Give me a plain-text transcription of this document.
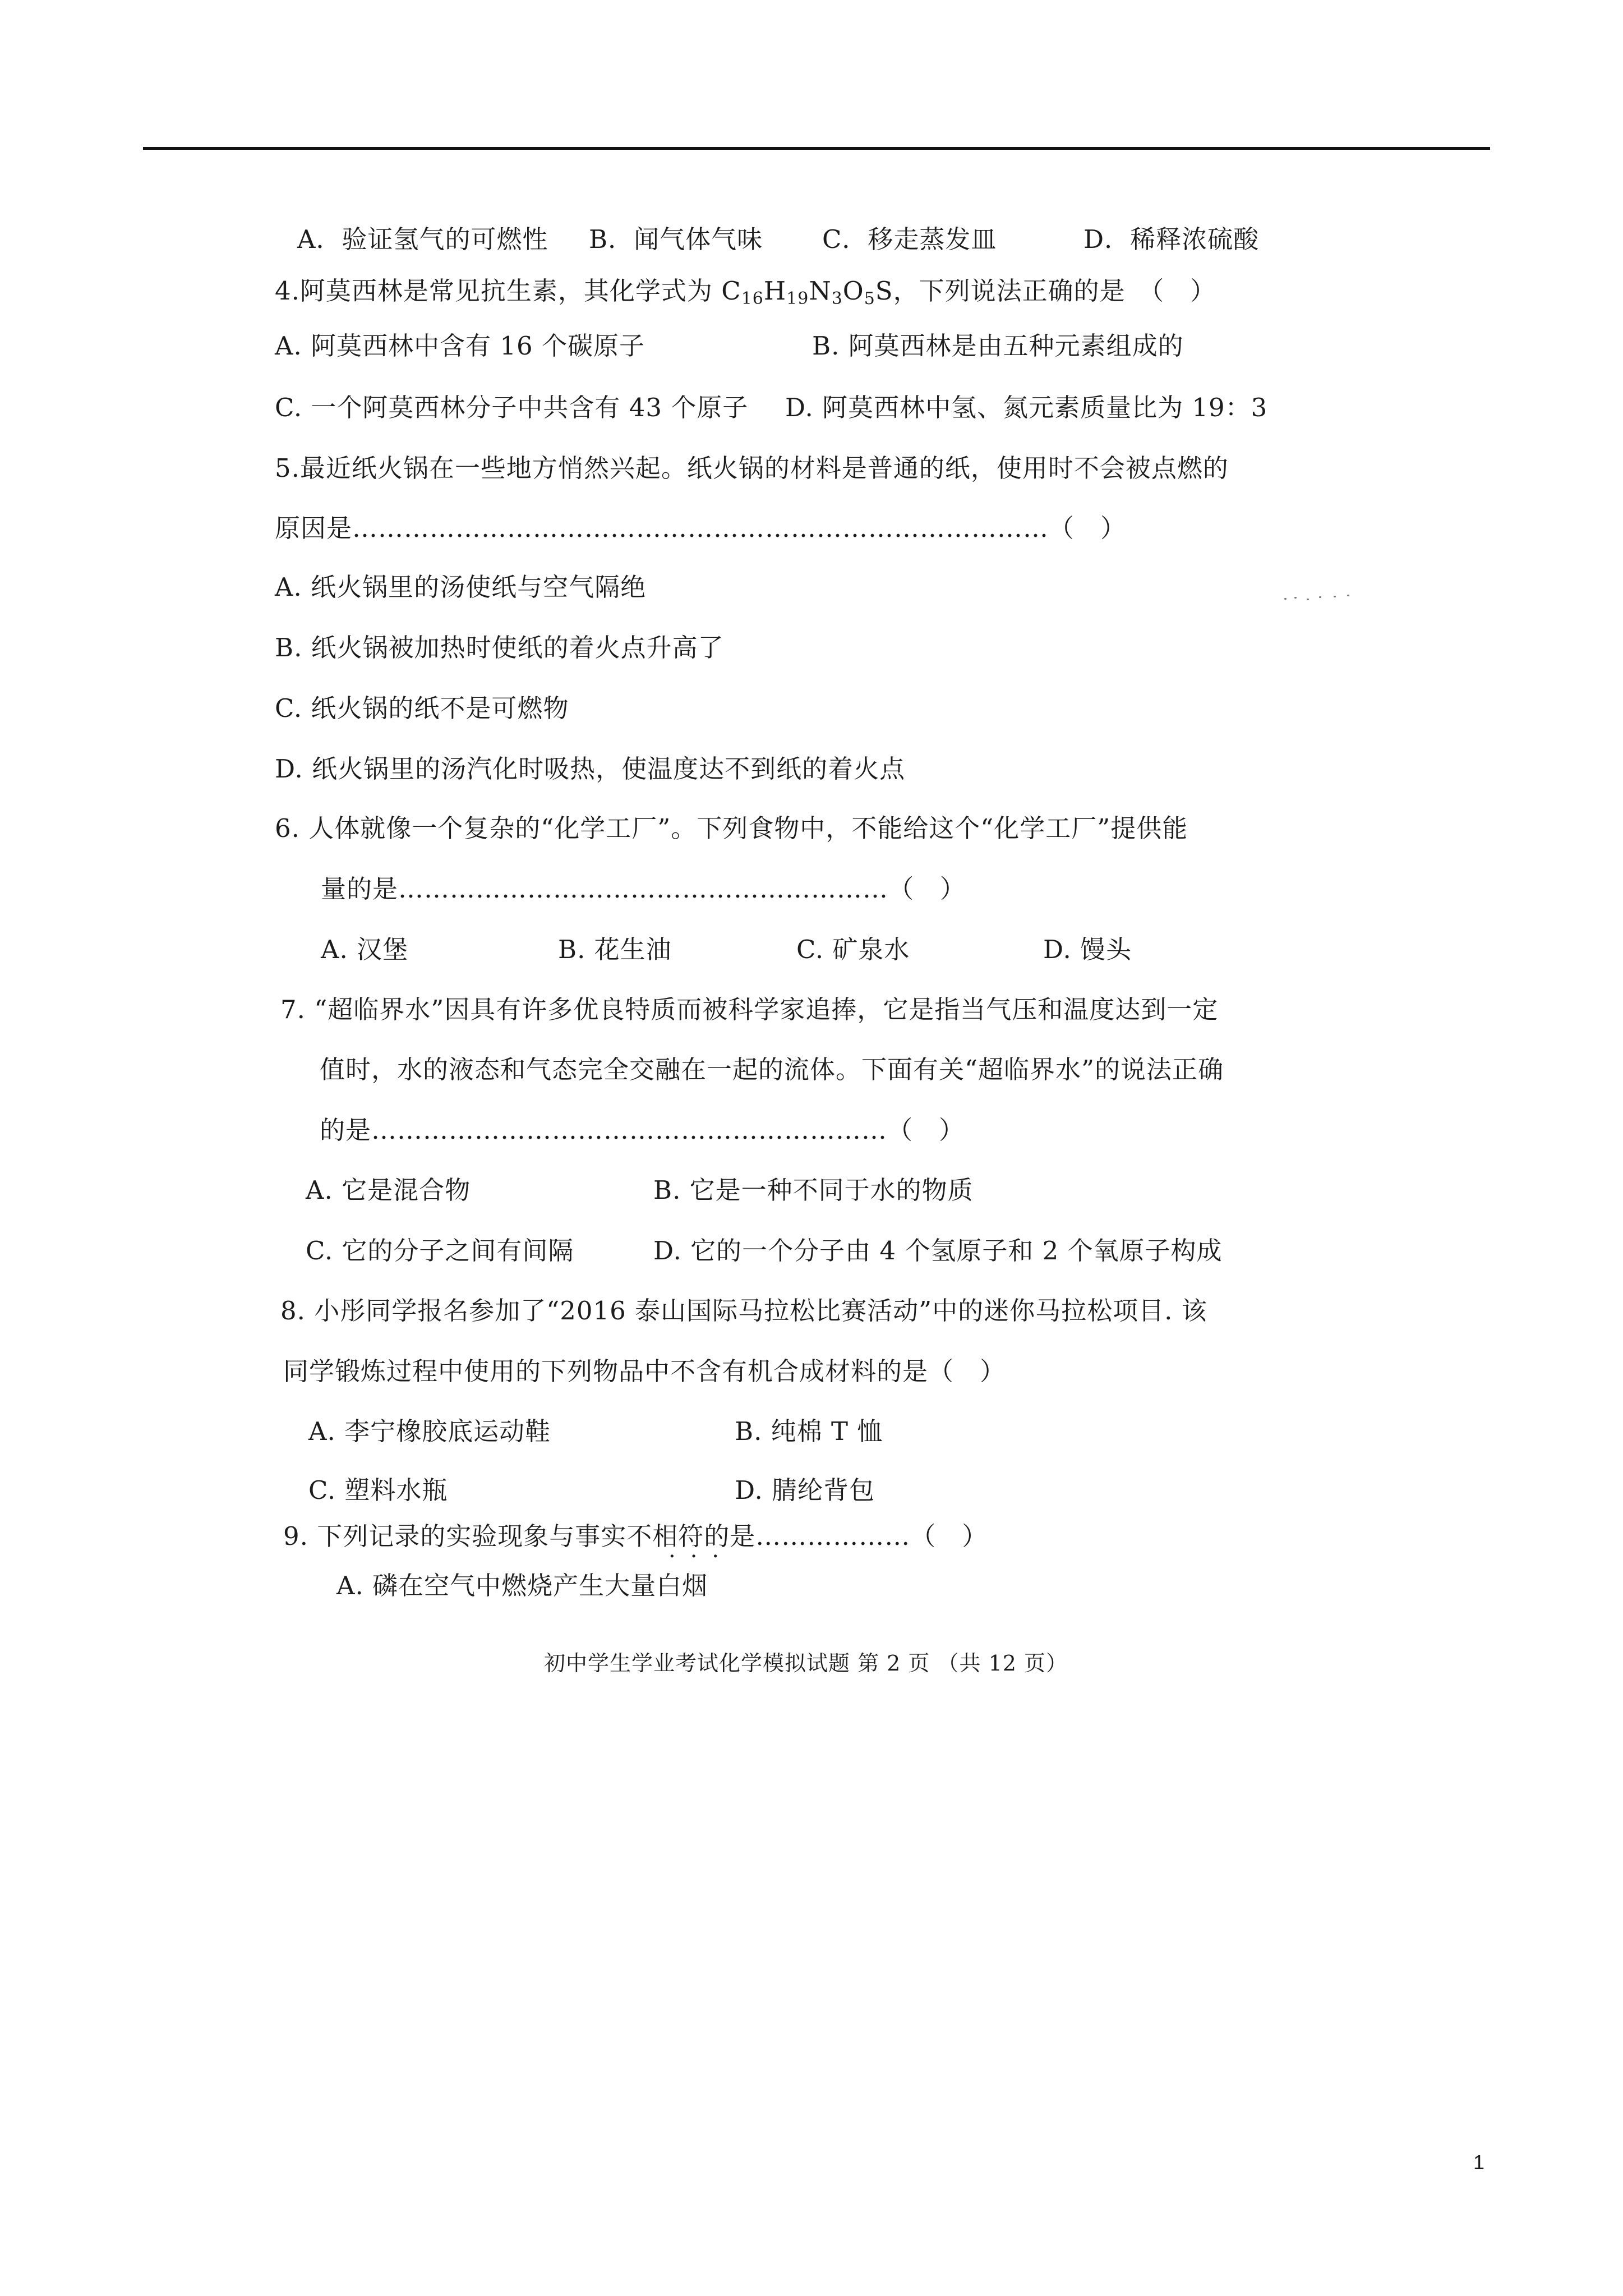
A．验证氢气的可燃性 B．闻气体气味 C．移走蒸发皿	D．稀释浓硫酸
4.阿莫西林是常见抗生素，其化学式为 $C_{16}H_{19}N_3O_5S$，下列说法正确的是　（　）
A. 阿莫西林中含有 16 个碳原子	B. 阿莫西林是由五种元素组成的
C. 一个阿莫西林分子中共含有 43 个原子 D. 阿莫西林中氢、氮元素质量比为 19：3
5.最近纸火锅在一些地方悄然兴起。纸火锅的材料是普通的纸，使用时不会被点燃的
原因是………………………………………………………………………（　）
A. 纸火锅里的汤使纸与空气隔绝
B. 纸火锅被加热时使纸的着火点升高了
C. 纸火锅的纸不是可燃物
D. 纸火锅里的汤汽化时吸热，使温度达不到纸的着火点
6. 人体就像一个复杂的“化学工厂”。下列食物中，不能给这个“化学工厂”提供能
量的是…………………………………………………（　）
A. 汉堡	B. 花生油	C. 矿泉水	D. 馒头
7. “超临界水”因具有许多优良特质而被科学家追捧，它是指当气压和温度达到一定
值时，水的液态和气态完全交融在一起的流体。下面有关“超临界水”的说法正确
的是……………………………………………………（　）
A. 它是混合物	B. 它是一种不同于水的物质
C. 它的分子之间有间隔	D. 它的一个分子由 4 个氢原子和 2 个氧原子构成
8. 小彤同学报名参加了“2016 泰山国际马拉松比赛活动”中的迷你马拉松项目. 该
同学锻炼过程中使用的下列物品中不含有机合成材料的是（　）
A. 李宁橡胶底运动鞋	B. 纯棉 T 恤
C. 塑料水瓶	D. 腈纶背包
9. 下列记录的实验现象与事实不相符的是………………（　）
···
A. 磷在空气中燃烧产生大量白烟
初中学生学业考试化学模拟试题 第 2 页 （共 12 页）
1
